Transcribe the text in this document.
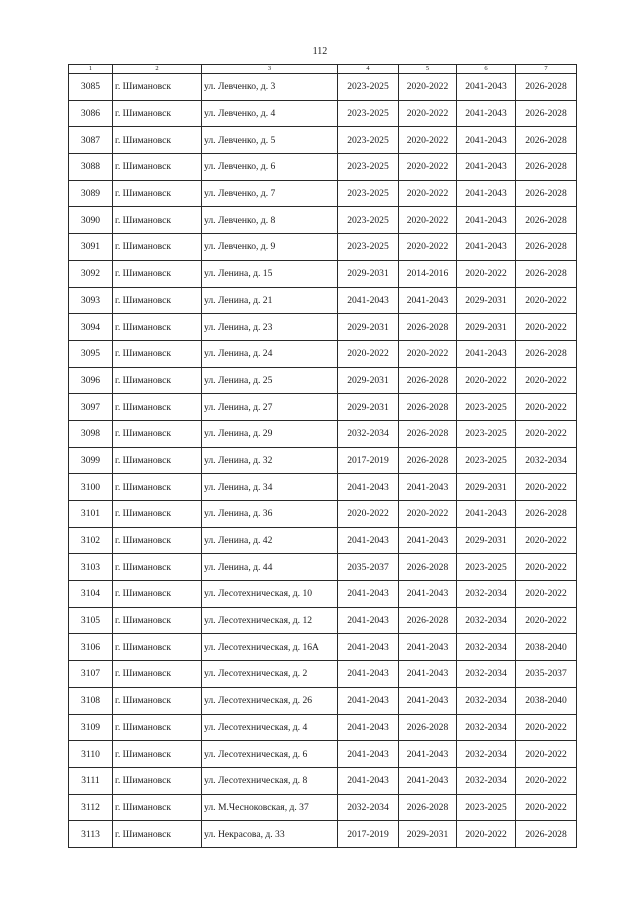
112
1	2	3	4	5	6	7
3085	г. Шимановск	ул. Левченко, д. 3	2023-2025	2020-2022	2041-2043	2026-2028
3086	г. Шимановск	ул. Левченко, д. 4	2023-2025	2020-2022	2041-2043	2026-2028
3087	г. Шимановск	ул. Левченко, д. 5	2023-2025	2020-2022	2041-2043	2026-2028
3088	г. Шимановск	ул. Левченко, д. 6	2023-2025	2020-2022	2041-2043	2026-2028
3089	г. Шимановск	ул. Левченко, д. 7	2023-2025	2020-2022	2041-2043	2026-2028
3090	г. Шимановск	ул. Левченко, д. 8	2023-2025	2020-2022	2041-2043	2026-2028
3091	г. Шимановск	ул. Левченко, д. 9	2023-2025	2020-2022	2041-2043	2026-2028
3092	г. Шимановск	ул. Ленина, д. 15	2029-2031	2014-2016	2020-2022	2026-2028
3093	г. Шимановск	ул. Ленина, д. 21	2041-2043	2041-2043	2029-2031	2020-2022
3094	г. Шимановск	ул. Ленина, д. 23	2029-2031	2026-2028	2029-2031	2020-2022
3095	г. Шимановск	ул. Ленина, д. 24	2020-2022	2020-2022	2041-2043	2026-2028
3096	г. Шимановск	ул. Ленина, д. 25	2029-2031	2026-2028	2020-2022	2020-2022
3097	г. Шимановск	ул. Ленина, д. 27	2029-2031	2026-2028	2023-2025	2020-2022
3098	г. Шимановск	ул. Ленина, д. 29	2032-2034	2026-2028	2023-2025	2020-2022
3099	г. Шимановск	ул. Ленина, д. 32	2017-2019	2026-2028	2023-2025	2032-2034
3100	г. Шимановск	ул. Ленина, д. 34	2041-2043	2041-2043	2029-2031	2020-2022
3101	г. Шимановск	ул. Ленина, д. 36	2020-2022	2020-2022	2041-2043	2026-2028
3102	г. Шимановск	ул. Ленина, д. 42	2041-2043	2041-2043	2029-2031	2020-2022
3103	г. Шимановск	ул. Ленина, д. 44	2035-2037	2026-2028	2023-2025	2020-2022
3104	г. Шимановск	ул. Лесотехническая, д. 10	2041-2043	2041-2043	2032-2034	2020-2022
3105	г. Шимановск	ул. Лесотехническая, д. 12	2041-2043	2026-2028	2032-2034	2020-2022
3106	г. Шимановск	ул. Лесотехническая, д. 16А	2041-2043	2041-2043	2032-2034	2038-2040
3107	г. Шимановск	ул. Лесотехническая, д. 2	2041-2043	2041-2043	2032-2034	2035-2037
3108	г. Шимановск	ул. Лесотехническая, д. 26	2041-2043	2041-2043	2032-2034	2038-2040
3109	г. Шимановск	ул. Лесотехническая, д. 4	2041-2043	2026-2028	2032-2034	2020-2022
3110	г. Шимановск	ул. Лесотехническая, д. 6	2041-2043	2041-2043	2032-2034	2020-2022
3111	г. Шимановск	ул. Лесотехническая, д. 8	2041-2043	2041-2043	2032-2034	2020-2022
3112	г. Шимановск	ул. М.Чесноковская, д. 37	2032-2034	2026-2028	2023-2025	2020-2022
3113	г. Шимановск	ул. Некрасова, д. 33	2017-2019	2029-2031	2020-2022	2026-2028
